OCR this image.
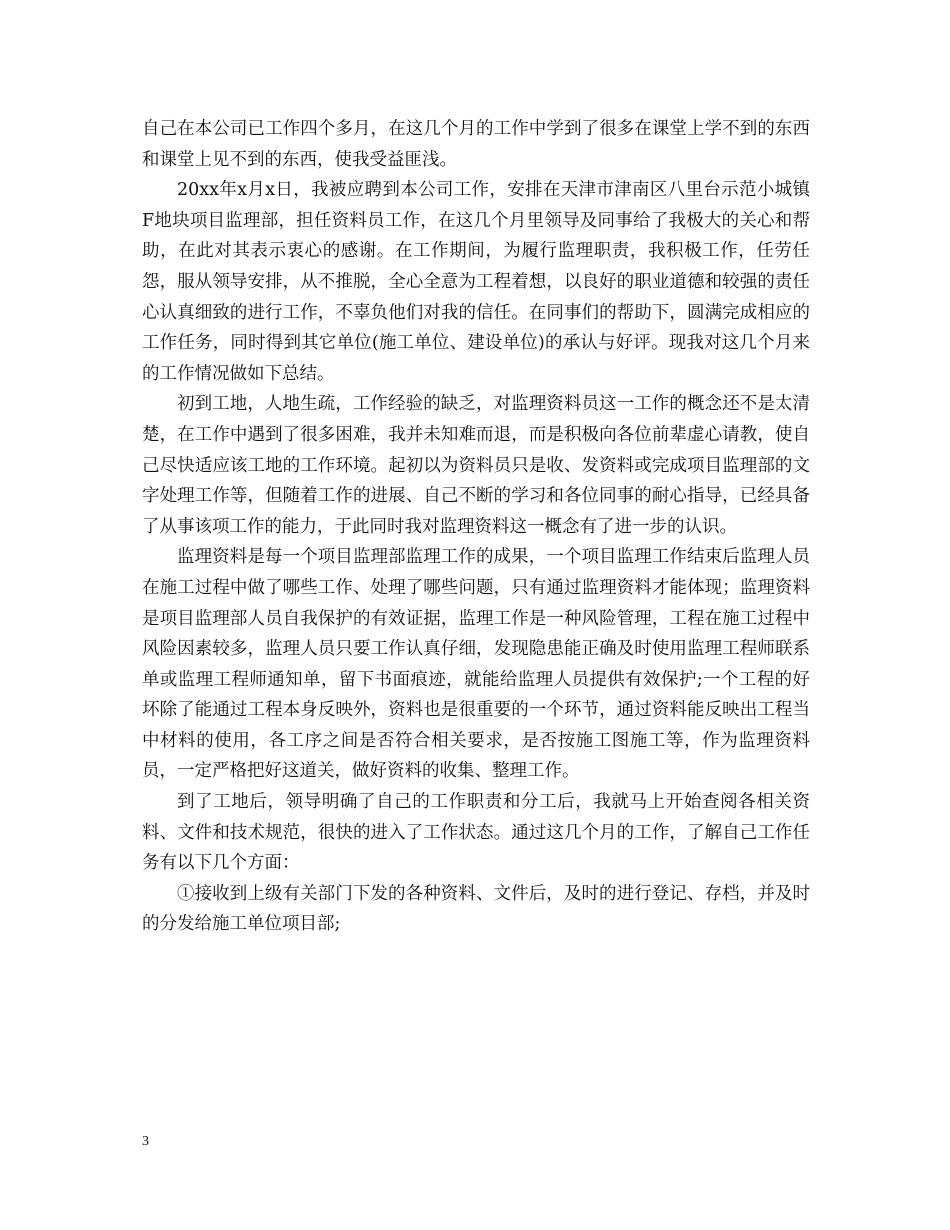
自己在本公司已工作四个多月，在这几个月的工作中学到了很多在课堂上学不到的东西和课堂上见不到的东西，使我受益匪浅。

20xx年x月x日，我被应聘到本公司工作，安排在天津市津南区八里台示范小城镇F地块项目监理部，担任资料员工作，在这几个月里领导及同事给了我极大的关心和帮助，在此对其表示衷心的感谢。在工作期间，为履行监理职责，我积极工作，任劳任怨，服从领导安排，从不推脱，全心全意为工程着想，以良好的职业道德和较强的责任心认真细致的进行工作，不辜负他们对我的信任。在同事们的帮助下，圆满完成相应的工作任务，同时得到其它单位(施工单位、建设单位)的承认与好评。现我对这几个月来的工作情况做如下总结。

初到工地，人地生疏，工作经验的缺乏，对监理资料员这一工作的概念还不是太清楚，在工作中遇到了很多困难，我并未知难而退，而是积极向各位前辈虚心请教，使自己尽快适应该工地的工作环境。起初以为资料员只是收、发资料或完成项目监理部的文字处理工作等，但随着工作的进展、自己不断的学习和各位同事的耐心指导，已经具备了从事该项工作的能力，于此同时我对监理资料这一概念有了进一步的认识。

监理资料是每一个项目监理部监理工作的成果，一个项目监理工作结束后监理人员在施工过程中做了哪些工作、处理了哪些问题，只有通过监理资料才能体现；监理资料是项目监理部人员自我保护的有效证据，监理工作是一种风险管理，工程在施工过程中风险因素较多，监理人员只要工作认真仔细，发现隐患能正确及时使用监理工程师联系单或监理工程师通知单，留下书面痕迹，就能给监理人员提供有效保护;一个工程的好坏除了能通过工程本身反映外，资料也是很重要的一个环节，通过资料能反映出工程当中材料的使用，各工序之间是否符合相关要求，是否按施工图施工等，作为监理资料员，一定严格把好这道关，做好资料的收集、整理工作。

到了工地后，领导明确了自己的工作职责和分工后，我就马上开始查阅各相关资料、文件和技术规范，很快的进入了工作状态。通过这几个月的工作，了解自己工作任务有以下几个方面：

①接收到上级有关部门下发的各种资料、文件后，及时的进行登记、存档，并及时的分发给施工单位项目部;

3
